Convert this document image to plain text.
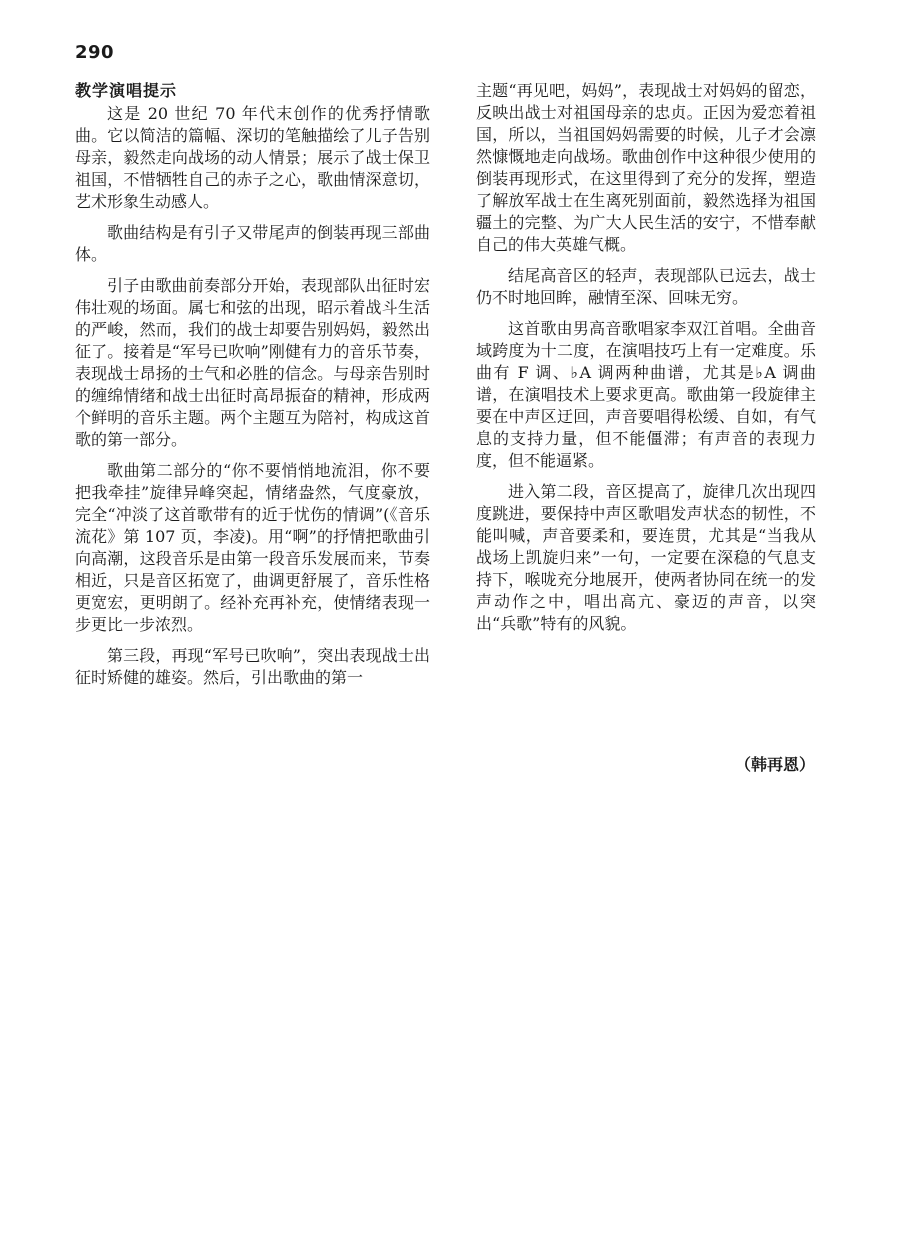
290
教学演唱提示

这是 20 世纪 70 年代末创作的优秀抒情歌曲。它以简洁的篇幅、深切的笔触描绘了儿子告别母亲，毅然走向战场的动人情景；展示了战士保卫祖国，不惜牺牲自己的赤子之心，歌曲情深意切，艺术形象生动感人。

歌曲结构是有引子又带尾声的倒装再现三部曲体。

引子由歌曲前奏部分开始，表现部队出征时宏伟壮观的场面。属七和弦的出现，昭示着战斗生活的严峻，然而，我们的战士却要告别妈妈，毅然出征了。接着是“军号已吹响”刚健有力的音乐节奏，表现战士昂扬的士气和必胜的信念。与母亲告别时的缠绵情绪和战士出征时高昂振奋的精神，形成两个鲜明的音乐主题。两个主题互为陪衬，构成这首歌的第一部分。

歌曲第二部分的“你不要悄悄地流泪，你不要把我牵挂”旋律异峰突起，情绪盎然，气度豪放，完全“冲淡了这首歌带有的近于忧伤的情调”(《音乐流花》第 107 页，李凌)。用“啊”的抒情把歌曲引向高潮，这段音乐是由第一段音乐发展而来，节奏相近，只是音区拓宽了，曲调更舒展了，音乐性格更宽宏，更明朗了。经补充再补充，使情绪表现一步更比一步浓烈。

第三段，再现“军号已吹响”，突出表现战士出征时矫健的雄姿。然后，引出歌曲的第一

主题“再见吧，妈妈”，表现战士对妈妈的留恋，反映出战士对祖国母亲的忠贞。正因为爱恋着祖国，所以，当祖国妈妈需要的时候，儿子才会凛然慷慨地走向战场。歌曲创作中这种很少使用的倒装再现形式，在这里得到了充分的发挥，塑造了解放军战士在生离死别面前，毅然选择为祖国疆土的完整、为广大人民生活的安宁，不惜奉献自己的伟大英雄气概。

结尾高音区的轻声，表现部队已远去，战士仍不时地回眸，融情至深、回味无穷。

这首歌由男高音歌唱家李双江首唱。全曲音域跨度为十二度，在演唱技巧上有一定难度。乐曲有 F 调、♭A 调两种曲谱，尤其是♭A 调曲谱，在演唱技术上要求更高。歌曲第一段旋律主要在中声区迂回，声音要唱得松缓、自如，有气息的支持力量，但不能僵滞；有声音的表现力度，但不能逼紧。

进入第二段，音区提高了，旋律几次出现四度跳进，要保持中声区歌唱发声状态的韧性，不能叫喊，声音要柔和，要连贯，尤其是“当我从战场上凯旋归来”一句，一定要在深稳的气息支持下，喉咙充分地展开，使两者协同在统一的发声动作之中，唱出高亢、豪迈的声音，以突出“兵歌”特有的风貌。

（韩再恩）
